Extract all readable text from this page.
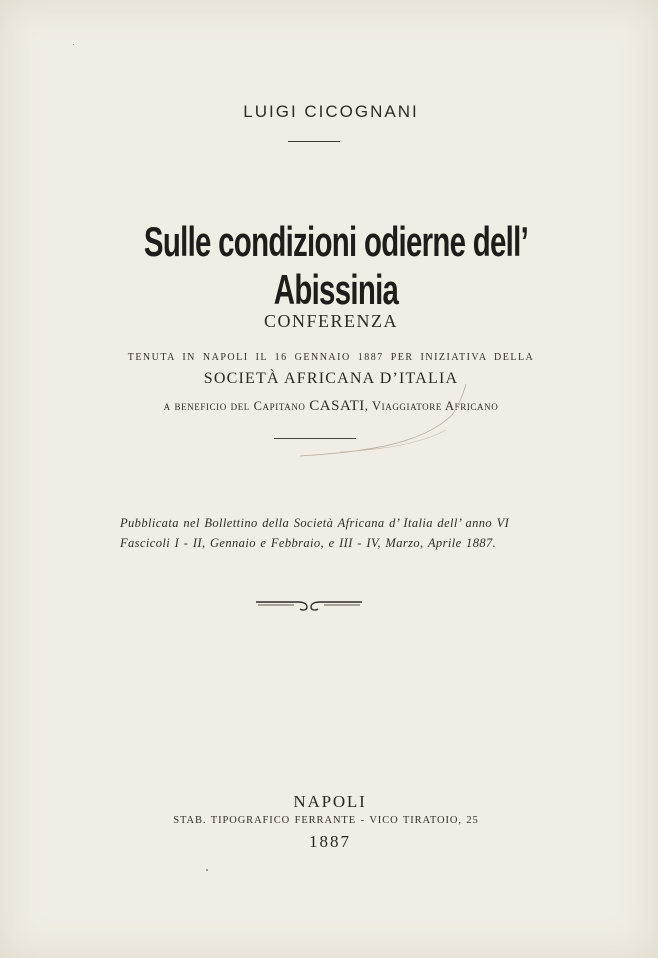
LUIGI CICOGNANI
Sulle condizioni odierne dell’ Abissinia
CONFERENZA
TENUTA IN NAPOLI IL 16 GENNAIO 1887 PER INIZIATIVA DELLA
SOCIETÀ AFRICANA D’ITALIA
a beneficio del Capitano CASATI, Viaggiatore Africano
Pubblicata nel Bollettino della Società Africana d’ Italia dell’ anno VI
Fascicoli I - II, Gennaio e Febbraio, e III - IV, Marzo, Aprile 1887.
NAPOLI
STAB. TIPOGRAFICO FERRANTE - VICO TIRATOIO, 25
1887
